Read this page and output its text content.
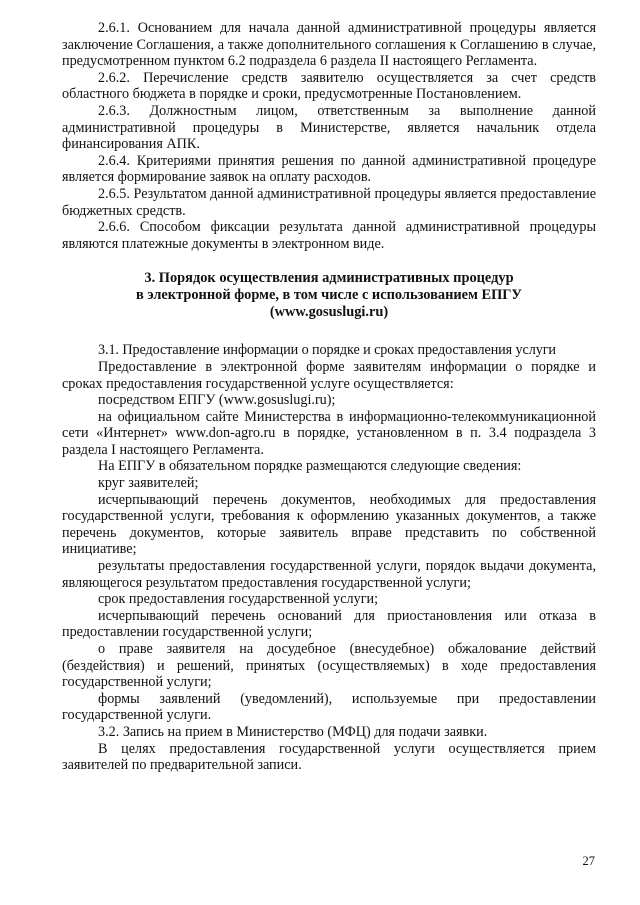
2.6.1. Основанием для начала данной административной процедуры является заключение Соглашения, а также дополнительного соглашения к Соглашению в случае, предусмотренном пунктом 6.2 подраздела 6 раздела II настоящего Регламента.

2.6.2. Перечисление средств заявителю осуществляется за счет средств областного бюджета в порядке и сроки, предусмотренные Постановлением.

2.6.3. Должностным лицом, ответственным за выполнение данной административной процедуры в Министерстве, является начальник отдела финансирования АПК.

2.6.4. Критериями принятия решения по данной административной процедуре является формирование заявок на оплату расходов.

2.6.5. Результатом данной административной процедуры является предоставление бюджетных средств.

2.6.6. Способом фиксации результата данной административной процедуры являются платежные документы в электронном виде.

3. Порядок осуществления административных процедур
в электронной форме, в том числе с использованием ЕПГУ
(www.gosuslugi.ru)

3.1. Предоставление информации о порядке и сроках предоставления услуги

Предоставление в электронной форме заявителям информации о порядке и сроках предоставления государственной услуге осуществляется:

посредством ЕПГУ (www.gosuslugi.ru);

на официальном сайте Министерства в информационно-телекоммуникационной сети «Интернет» www.don-agro.ru в порядке, установленном в п. 3.4 подраздела 3 раздела I настоящего Регламента.

На ЕПГУ в обязательном порядке размещаются следующие сведения:

круг заявителей;

исчерпывающий перечень документов, необходимых для предоставления государственной услуги, требования к оформлению указанных документов, а также перечень документов, которые заявитель вправе представить по собственной инициативе;

результаты предоставления государственной услуги, порядок выдачи документа, являющегося результатом предоставления государственной услуги;

срок предоставления государственной услуги;

исчерпывающий перечень оснований для приостановления или отказа в предоставлении государственной услуги;

о праве заявителя на досудебное (внесудебное) обжалование действий (бездействия) и решений, принятых (осуществляемых) в ходе предоставления государственной услуги;

формы заявлений (уведомлений), используемые при предоставлении государственной услуги.

3.2. Запись на прием в Министерство (МФЦ) для подачи заявки.

В целях предоставления государственной услуги осуществляется прием заявителей по предварительной записи.

27
